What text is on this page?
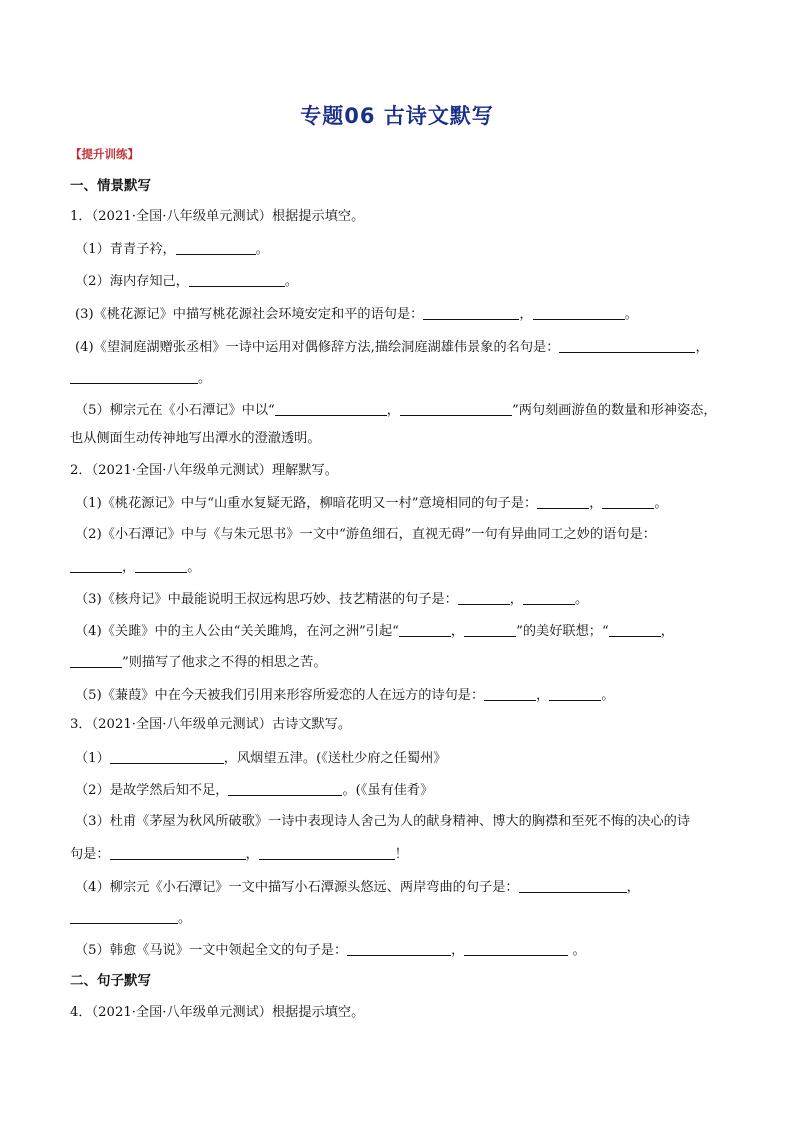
专题06 古诗文默写
【提升训练】
一、情景默写
1．（2021·全国·八年级单元测试）根据提示填空。
（1）青青子衿，	。
（2）海内存知己，	。
(3)《桃花源记》中描写桃花源社会环境安定和平的语句是：	，	。
(4)《望洞庭湖赠张丞相》一诗中运用对偶修辞方法,描绘洞庭湖雄伟景象的名句是：	，
。
（5）柳宗元在《小石潭记》中以“	，	”两句刻画游鱼的数量和形神姿态，
也从侧面生动传神地写出潭水的澄澈透明。
2．（2021·全国·八年级单元测试）理解默写。
（1)《桃花源记》中与“山重水复疑无路，柳暗花明又一村”意境相同的句子是：	，	。
（2)《小石潭记》中与《与朱元思书》一文中“游鱼细石，直视无碍”一句有异曲同工之妙的语句是：
，	。
（3)《核舟记》中最能说明王叔远构思巧妙、技艺精湛的句子是：	，	。
（4)《关雎》中的主人公由“关关雎鸠，在河之洲”引起“	，	”的美好联想；“	，
”则描写了他求之不得的相思之苦。
（5)《蒹葭》中在今天被我们引用来形容所爱恋的人在远方的诗句是：	，	。
3．（2021·全国·八年级单元测试）古诗文默写。
（1）	，风烟望五津。(《送杜少府之任蜀州》
（2）是故学然后知不足，	。(《虽有佳肴》
（3）杜甫《茅屋为秋风所破歌》一诗中表现诗人舍己为人的献身精神、博大的胸襟和至死不悔的决心的诗
句是：	，	！
（4）柳宗元《小石潭记》一文中描写小石潭源头悠远、两岸弯曲的句子是：	，
。
（5）韩愈《马说》一文中领起全文的句子是：	，	。
二、句子默写
4．（2021·全国·八年级单元测试）根据提示填空。
